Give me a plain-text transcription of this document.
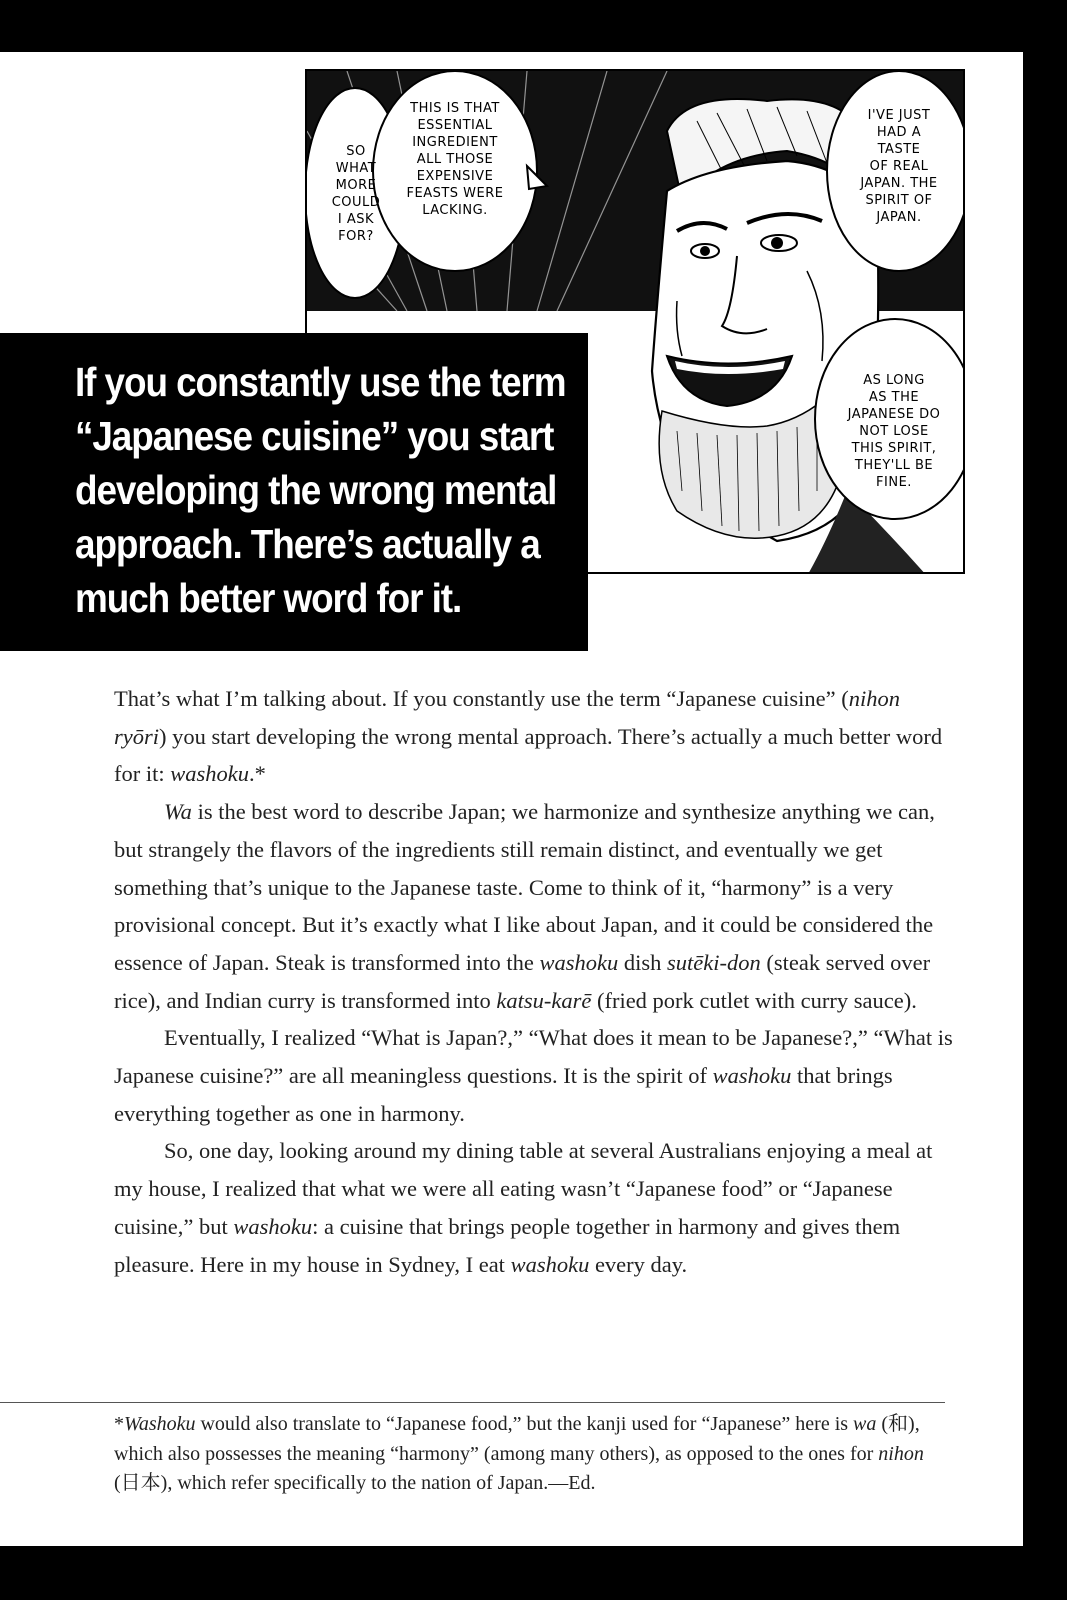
SO
WHAT
MORE
COULD
I ASK
FOR?
THIS IS THAT
ESSENTIAL
INGREDIENT
ALL THOSE
EXPENSIVE
FEASTS WERE
LACKING.
I'VE JUST
HAD A
TASTE
OF REAL
JAPAN. THE
SPIRIT OF
JAPAN.
AS LONG
AS THE
JAPANESE DO
NOT LOSE
THIS SPIRIT,
THEY'LL BE
FINE.

If you constantly use the term “Japanese cuisine” you start developing the wrong mental approach. There’s actually a much better word for it.

That’s what I’m talking about. If you constantly use the term “Japanese cuisine” (nihon ryōri) you start developing the wrong mental approach. There’s actually a much better word for it: washoku.*

Wa is the best word to describe Japan; we harmonize and synthesize anything we can, but strangely the flavors of the ingredients still remain distinct, and eventually we get something that’s unique to the Japanese taste. Come to think of it, “harmony” is a very provisional concept. But it’s exactly what I like about Japan, and it could be considered the essence of Japan. Steak is transformed into the washoku dish sutēki-don (steak served over rice), and Indian curry is transformed into katsu-karē (fried pork cutlet with curry sauce).

Eventually, I realized “What is Japan?,” “What does it mean to be Japanese?,” “What is Japanese cuisine?” are all meaningless questions. It is the spirit of washoku that brings everything together as one in harmony.

So, one day, looking around my dining table at several Australians enjoying a meal at my house, I realized that what we were all eating wasn’t “Japanese food” or “Japanese cuisine,” but washoku: a cuisine that brings people together in harmony and gives them pleasure. Here in my house in Sydney, I eat washoku every day.

*Washoku would also translate to “Japanese food,” but the kanji used for “Japanese” here is wa (和), which also possesses the meaning “harmony” (among many others), as opposed to the ones for nihon (日本), which refer specifically to the nation of Japan.—Ed.
